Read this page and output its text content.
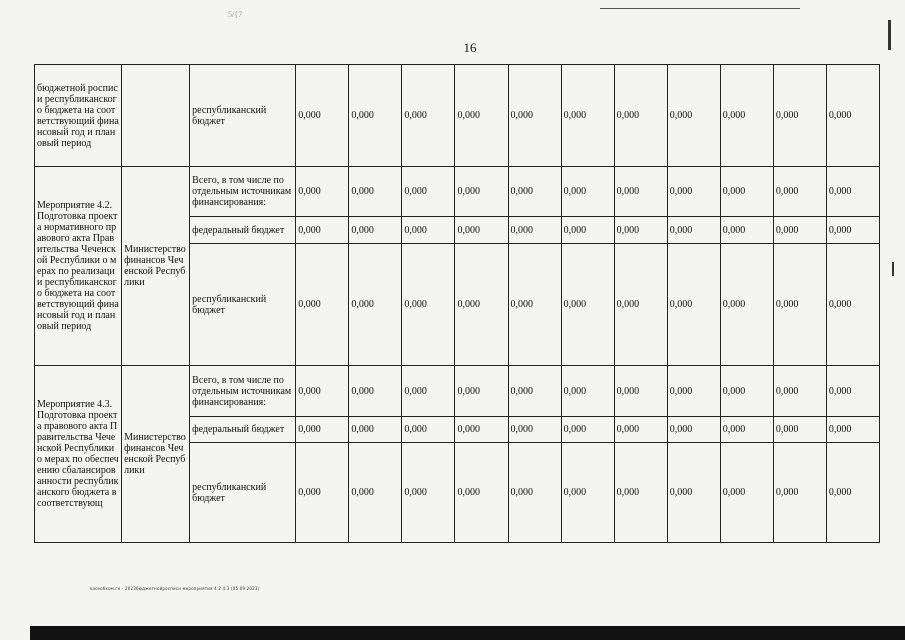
5/{7
16
бюджетной росписи республиканского бюджета на соответствующий финансовый год и плановый период		республиканский бюджет	0,000	0,000	0,000	0,000	0,000	0,000	0,000	0,000	0,000	0,000	0,000
Мероприятие 4.2. Подготовка проекта нормативного правового акта Правительства Чеченской Республики о мерах по реализации республиканского бюджета на соответствующий финансовый год и плановый период	Министерство финансов Чеченской Республики	Всего, в том числе по отдельным источникам финансирования:	0,000	0,000	0,000	0,000	0,000	0,000	0,000	0,000	0,000	0,000	0,000
		федеральный бюджет	0,000	0,000	0,000	0,000	0,000	0,000	0,000	0,000	0,000	0,000	0,000
		республиканский бюджет	0,000	0,000	0,000	0,000	0,000	0,000	0,000	0,000	0,000	0,000	0,000
Мероприятие 4.3. Подготовка проекта правового акта Правительства Чеченской Республики о мерах по обеспечению сбалансированности республиканского бюджета в соответствующ	Министерство финансов Чеченской Республики	Всего, в том числе по отдельным источникам финансирования:	0,000	0,000	0,000	0,000	0,000	0,000	0,000	0,000	0,000	0,000	0,000
		федеральный бюджет	0,000	0,000	0,000	0,000	0,000	0,000	0,000	0,000	0,000	0,000	0,000
		республиканский бюджет	0,000	0,000	0,000	0,000	0,000	0,000	0,000	0,000	0,000	0,000	0,000
kaсеобком.ге - 2023бюджетнойросписи мероприятия 4.2 4.3 (05.09.2023)
